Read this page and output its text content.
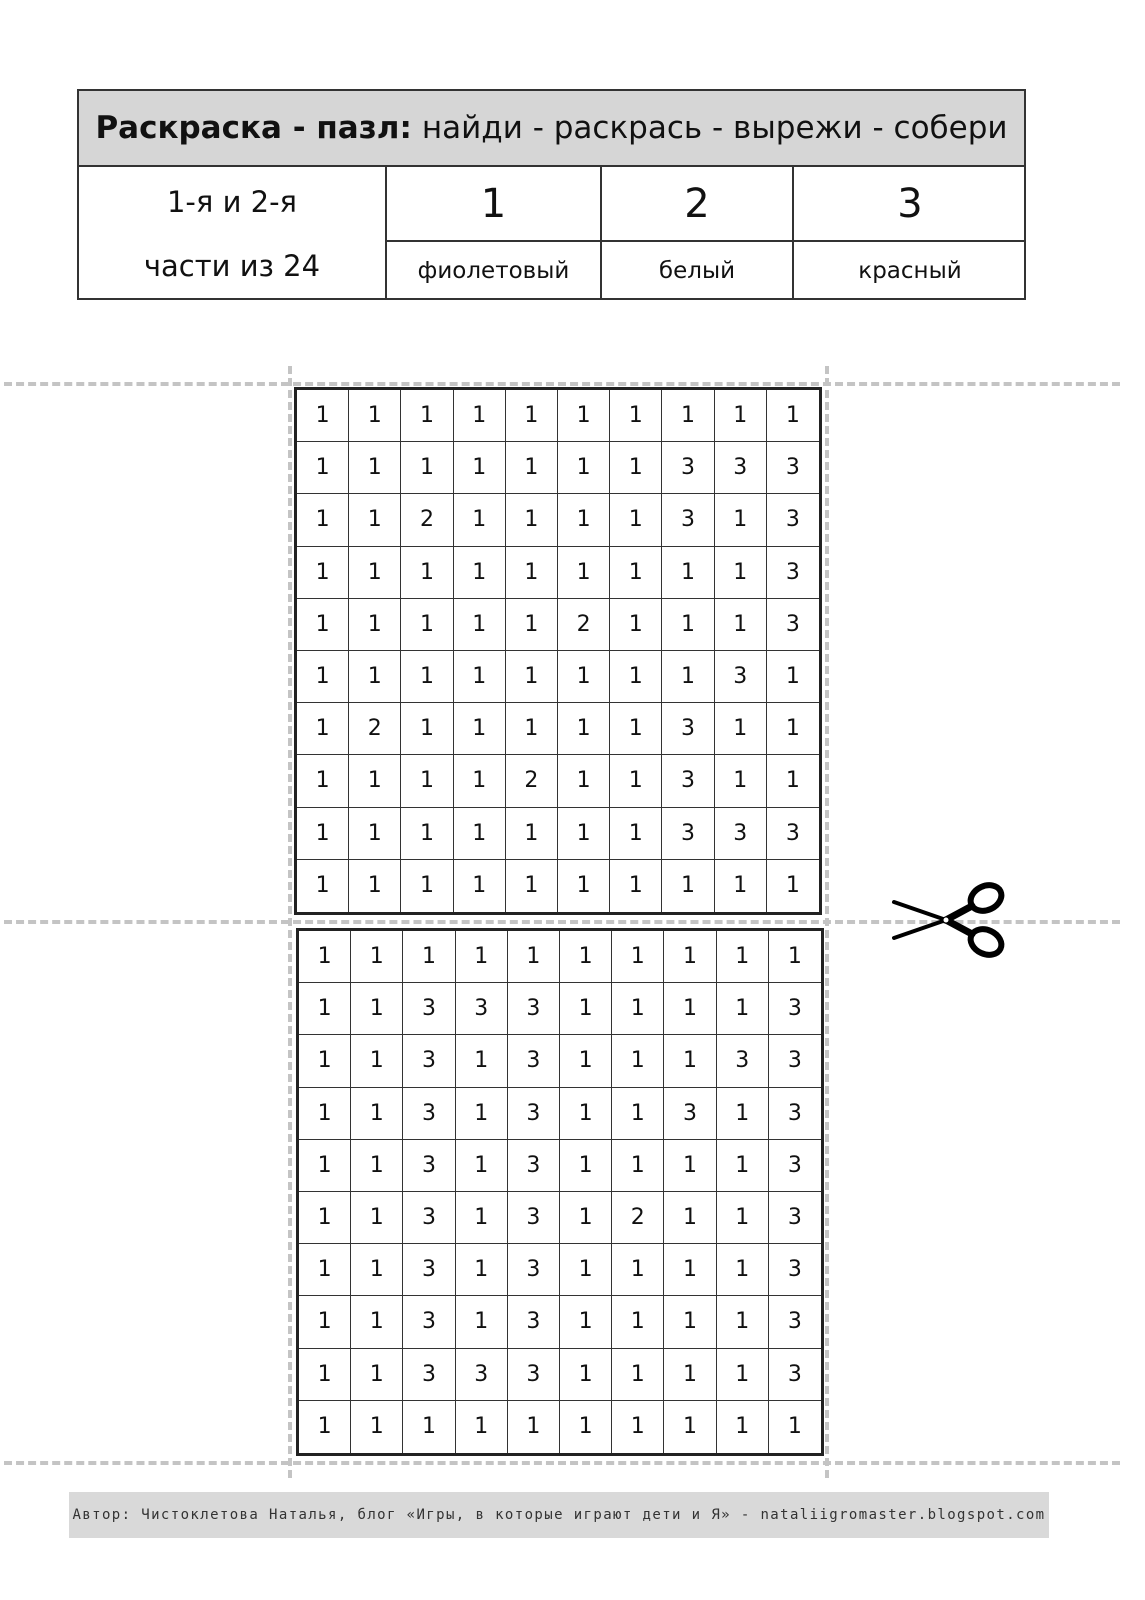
Раскраска - пазл: найди - раскрась - вырежи - собери
1-я и 2-я
части из 24
1	2	3
фиолетовый	белый	красный
1	1	1	1	1	1	1	1	1	1
1	1	1	1	1	1	1	3	3	3
1	1	2	1	1	1	1	3	1	3
1	1	1	1	1	1	1	1	1	3
1	1	1	1	1	2	1	1	1	3
1	1	1	1	1	1	1	1	3	1
1	2	1	1	1	1	1	3	1	1
1	1	1	1	2	1	1	3	1	1
1	1	1	1	1	1	1	3	3	3
1	1	1	1	1	1	1	1	1	1
1	1	1	1	1	1	1	1	1	1
1	1	3	3	3	1	1	1	1	3
1	1	3	1	3	1	1	1	3	3
1	1	3	1	3	1	1	3	1	3
1	1	3	1	3	1	1	1	1	3
1	1	3	1	3	1	2	1	1	3
1	1	3	1	3	1	1	1	1	3
1	1	3	1	3	1	1	1	1	3
1	1	3	3	3	1	1	1	1	3
1	1	1	1	1	1	1	1	1	1
Автор: Чистоклетова Наталья, блог «Игры, в которые играют дети и Я» - nataliigromaster.blogspot.com
